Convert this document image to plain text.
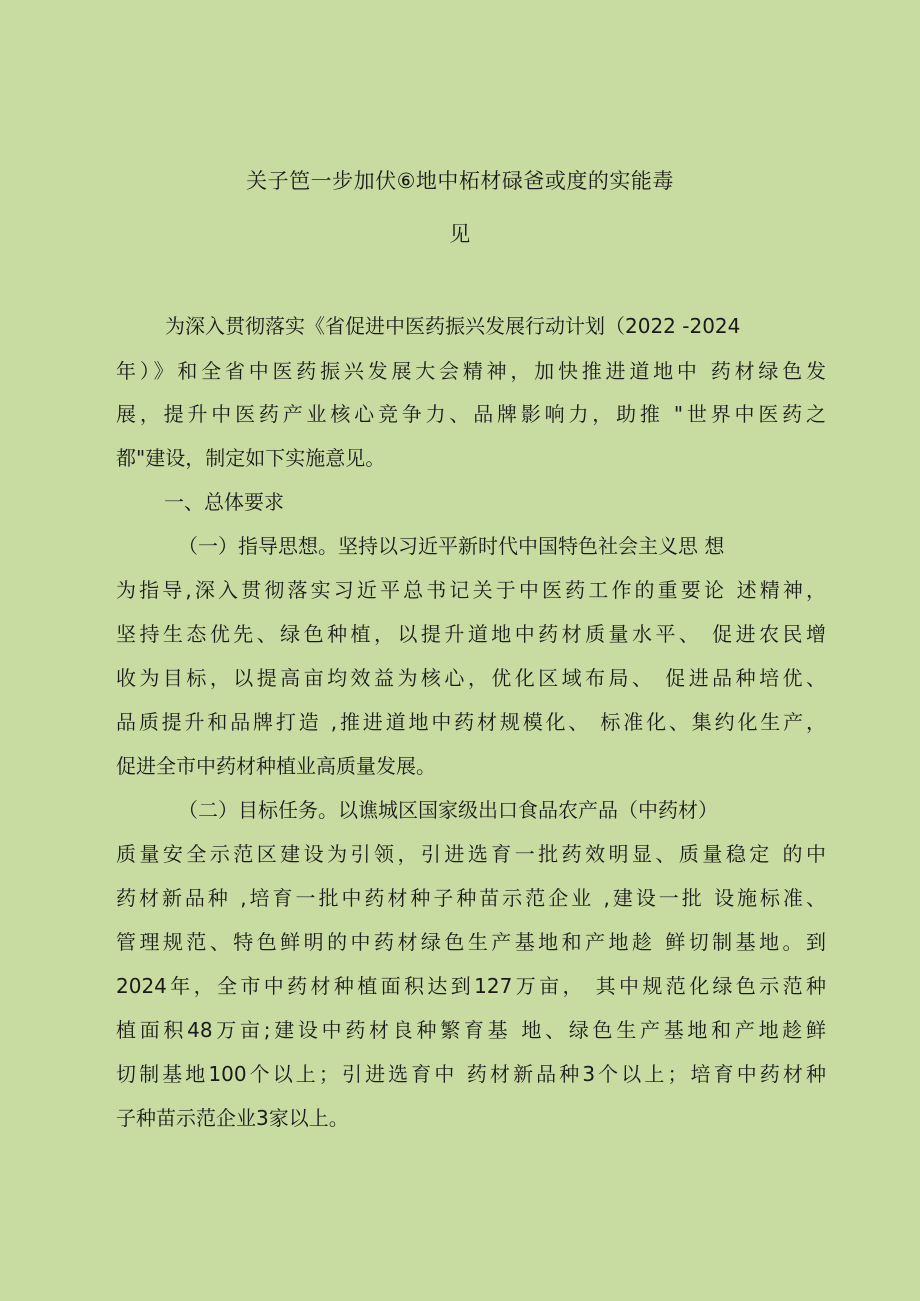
关子笆一步加伏⑥地中柘材碌爸或度的实能毒
见
为深入贯彻落实《省促进中医药振兴发展行动计划（2022 -2024
年）》和全省中医药振兴发展大会精神，加快推进道地中 药材绿色发
展，提升中医药产业核心竞争力、品牌影响力，助推 "世界中医药之
都"建设，制定如下实施意见。
一、总体要求
（一）指导思想。坚持以习近平新时代中国特色社会主义思 想
为指导,深入贯彻落实习近平总书记关于中医药工作的重要论 述精神，
坚持生态优先、绿色种植，以提升道地中药材质量水平、 促进农民增
收为目标，以提高亩均效益为核心，优化区域布局、 促进品种培优、
品质提升和品牌打造 ,推进道地中药材规模化、 标准化、集约化生产，
促进全市中药材种植业高质量发展。
（二）目标任务。以谯城区国家级出口食品农产品（中药材）
质量安全示范区建设为引领，引进选育一批药效明显、质量稳定 的中
药材新品种 ,培育一批中药材种子种苗示范企业 ,建设一批 设施标准、
管理规范、特色鲜明的中药材绿色生产基地和产地趁 鲜切制基地。到
2024年，全市中药材种植面积达到127万亩， 其中规范化绿色示范种
植面积48万亩;建设中药材良种繁育基 地、绿色生产基地和产地趁鲜
切制基地100个以上；引进选育中 药材新品种3个以上；培育中药材种
子种苗示范企业3家以上。
